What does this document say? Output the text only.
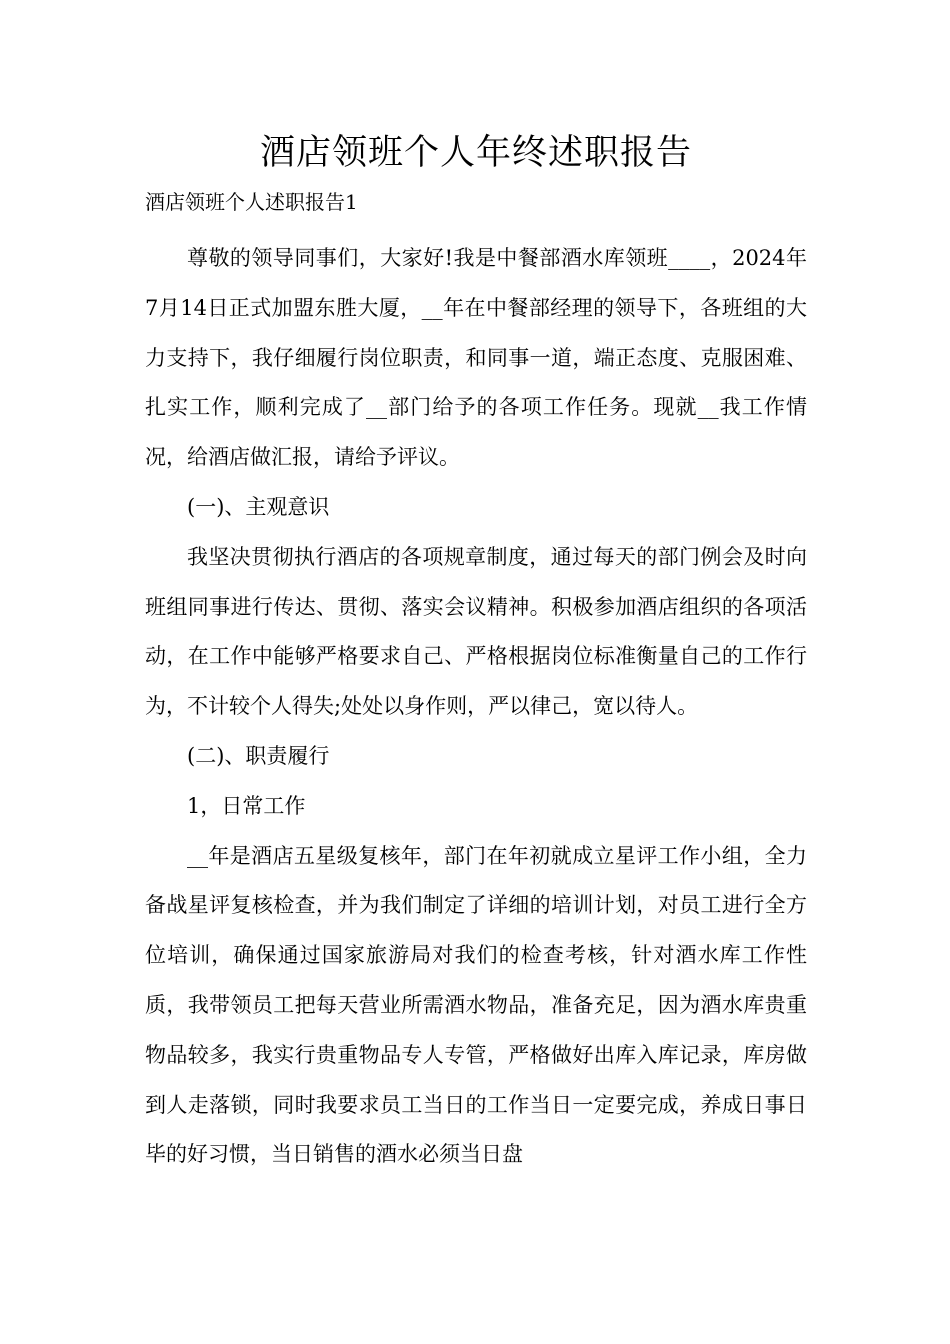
酒店领班个人年终述职报告

酒店领班个人述职报告1

尊敬的领导同事们，大家好!我是中餐部酒水库领班____，2024年7月14日正式加盟东胜大厦，__年在中餐部经理的领导下，各班组的大力支持下，我仔细履行岗位职责，和同事一道，端正态度、克服困难、扎实工作，顺利完成了__部门给予的各项工作任务。现就__我工作情况，给酒店做汇报，请给予评议。

(一)、主观意识

我坚决贯彻执行酒店的各项规章制度，通过每天的部门例会及时向班组同事进行传达、贯彻、落实会议精神。积极参加酒店组织的各项活动，在工作中能够严格要求自己、严格根据岗位标准衡量自己的工作行为，不计较个人得失;处处以身作则，严以律己，宽以待人。

(二)、职责履行

1，日常工作

__年是酒店五星级复核年，部门在年初就成立星评工作小组，全力备战星评复核检查，并为我们制定了详细的培训计划，对员工进行全方位培训，确保通过国家旅游局对我们的检查考核，针对酒水库工作性质，我带领员工把每天营业所需酒水物品，准备充足，因为酒水库贵重物品较多，我实行贵重物品专人专管，严格做好出库入库记录，库房做到人走落锁，同时我要求员工当日的工作当日一定要完成，养成日事日毕的好习惯，当日销售的酒水必须当日盘
